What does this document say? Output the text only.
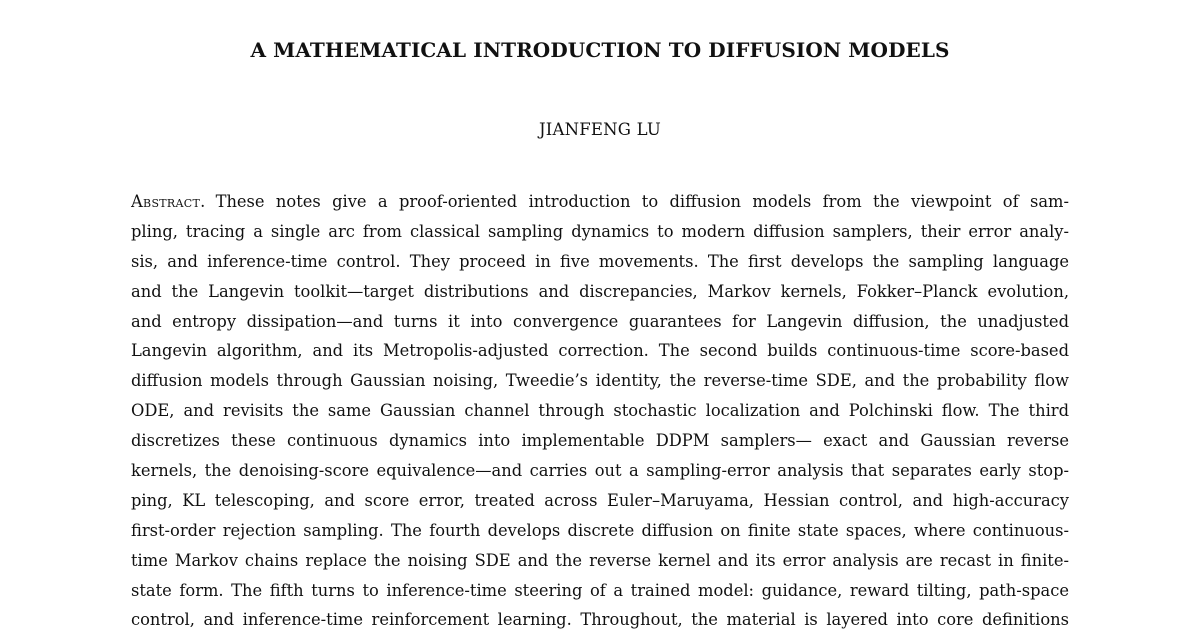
A MATHEMATICAL INTRODUCTION TO DIFFUSION MODELS
JIANFENG LU
Abstract. These notes give a proof-oriented introduction to diffusion models from the viewpoint of sam-
pling, tracing a single arc from classical sampling dynamics to modern diffusion samplers, their error analy-
sis, and inference-time control. They proceed in five movements. The first develops the sampling language
and the Langevin toolkit—target distributions and discrepancies, Markov kernels, Fokker–Planck evolution,
and entropy dissipation—and turns it into convergence guarantees for Langevin diffusion, the unadjusted
Langevin algorithm, and its Metropolis-adjusted correction. The second builds continuous-time score-based
diffusion models through Gaussian noising, Tweedie’s identity, the reverse-time SDE, and the probability flow
ODE, and revisits the same Gaussian channel through stochastic localization and Polchinski flow. The third
discretizes these continuous dynamics into implementable DDPM samplers— exact and Gaussian reverse
kernels, the denoising-score equivalence—and carries out a sampling-error analysis that separates early stop-
ping, KL telescoping, and score error, treated across Euler–Maruyama, Hessian control, and high-accuracy
first-order rejection sampling. The fourth develops discrete diffusion on finite state spaces, where continuous-
time Markov chains replace the noising SDE and the reverse kernel and its error analysis are recast in finite-
state form. The fifth turns to inference-time steering of a trained model: guidance, reward tilting, path-space
control, and inference-time reinforcement learning. Throughout, the material is layered into core definitions
